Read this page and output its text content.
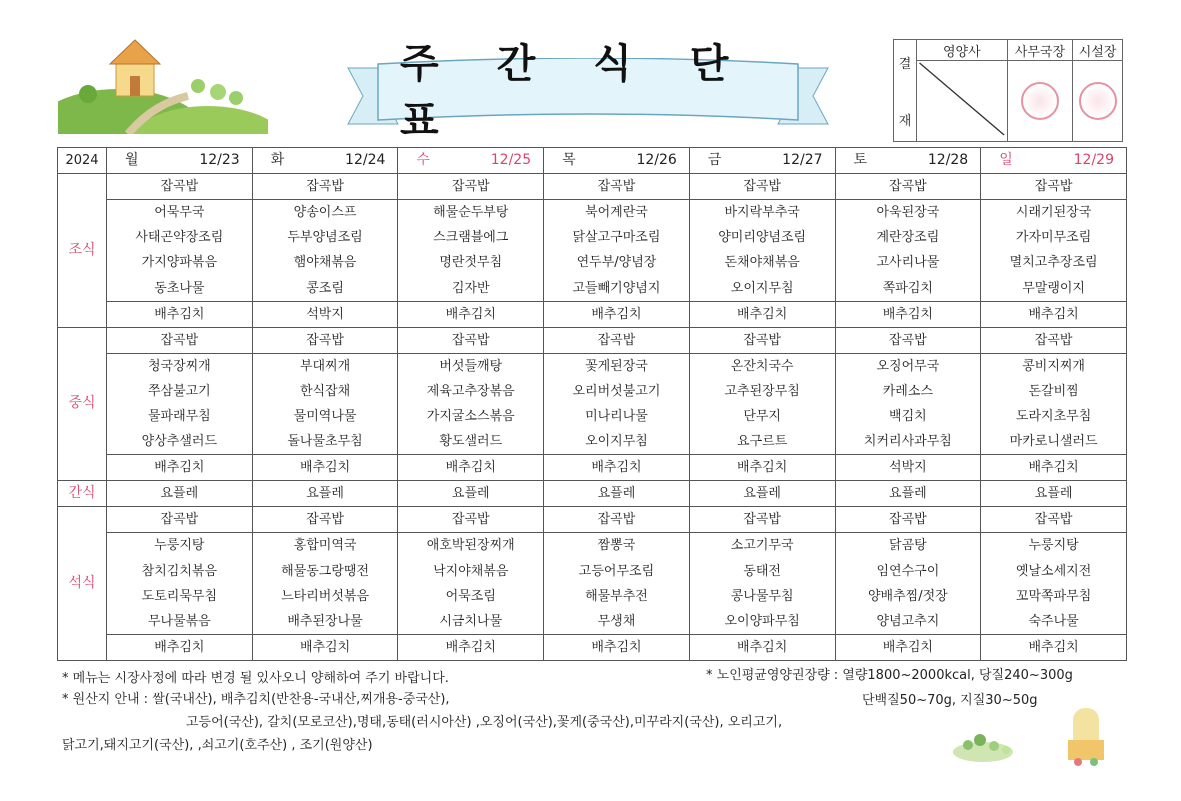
주 간 식 단 표
결
재	영양사	사무국장	시설장

2024	월 12/23	화 12/24	수 12/25	목 12/26	금 12/27	토 12/28	일 12/29

조식	잡곡밥	잡곡밥	잡곡밥	잡곡밥	잡곡밥	잡곡밥	잡곡밥
	어묵무국	양송이스프	해물순두부탕	북어계란국	바지락부추국	아욱된장국	시래기된장국
	사태곤약장조림	두부양념조림	스크램블에그	닭살고구마조림	양미리양념조림	계란장조림	가자미무조림
	가지양파볶음	햄야채볶음	명란젓무침	연두부/양념장	돈채야채볶음	고사리나물	멸치고추장조림
	동초나물	콩조림	김자반	고들빼기양념지	오이지무침	쪽파김치	무말랭이지
	배추김치	석박지	배추김치	배추김치	배추김치	배추김치	배추김치
중식	잡곡밥	잡곡밥	잡곡밥	잡곡밥	잡곡밥	잡곡밥	잡곡밥
	청국장찌개	부대찌개	버섯들깨탕	꽃게된장국	온잔치국수	오징어무국	콩비지찌개
	쭈삼불고기	한식잡채	제육고추장볶음	오리버섯불고기	고추된장무침	카레소스	돈갈비찜
	물파래무침	물미역나물	가지굴소스볶음	미나리나물	단무지	백김치	도라지초무침
	양상추샐러드	돌나물초무침	황도샐러드	오이지무침	요구르트	치커리사과무침	마카로니샐러드
	배추김치	배추김치	배추김치	배추김치	배추김치	석박지	배추김치
간식	요플레	요플레	요플레	요플레	요플레	요플레	요플레
석식	잡곡밥	잡곡밥	잡곡밥	잡곡밥	잡곡밥	잡곡밥	잡곡밥
	누룽지탕	홍합미역국	애호박된장찌개	짬뽕국	소고기무국	닭곰탕	누룽지탕
	참치김치볶음	해물동그랑땡전	낙지야채볶음	고등어무조림	동태전	임연수구이	옛날소세지전
	도토리묵무침	느타리버섯볶음	어묵조림	해물부추전	콩나물무침	양배추찜/젓장	꼬막쪽파무침
	무나물볶음	배추된장나물	시금치나물	무생채	오이양파무침	양념고추지	숙주나물
	배추김치	배추김치	배추김치	배추김치	배추김치	배추김치	배추김치
* 메뉴는 시장사정에 따라 변경 될 있사오니 양해하여 주기 바랍니다.
* 원산지 안내 : 쌀(국내산), 배추김치(반찬용-국내산,찌개용-중국산),
고등어(국산), 갈치(모로코산),명태,동태(러시아산) ,오징어(국산),꽃게(중국산),미꾸라지(국산), 오리고기,
닭고기,돼지고기(국산), ,쇠고기(호주산) , 조기(원양산)
* 노인평균영양권장량 : 열량1800~2000kcal, 당질240~300g
단백질50~70g, 지질30~50g
